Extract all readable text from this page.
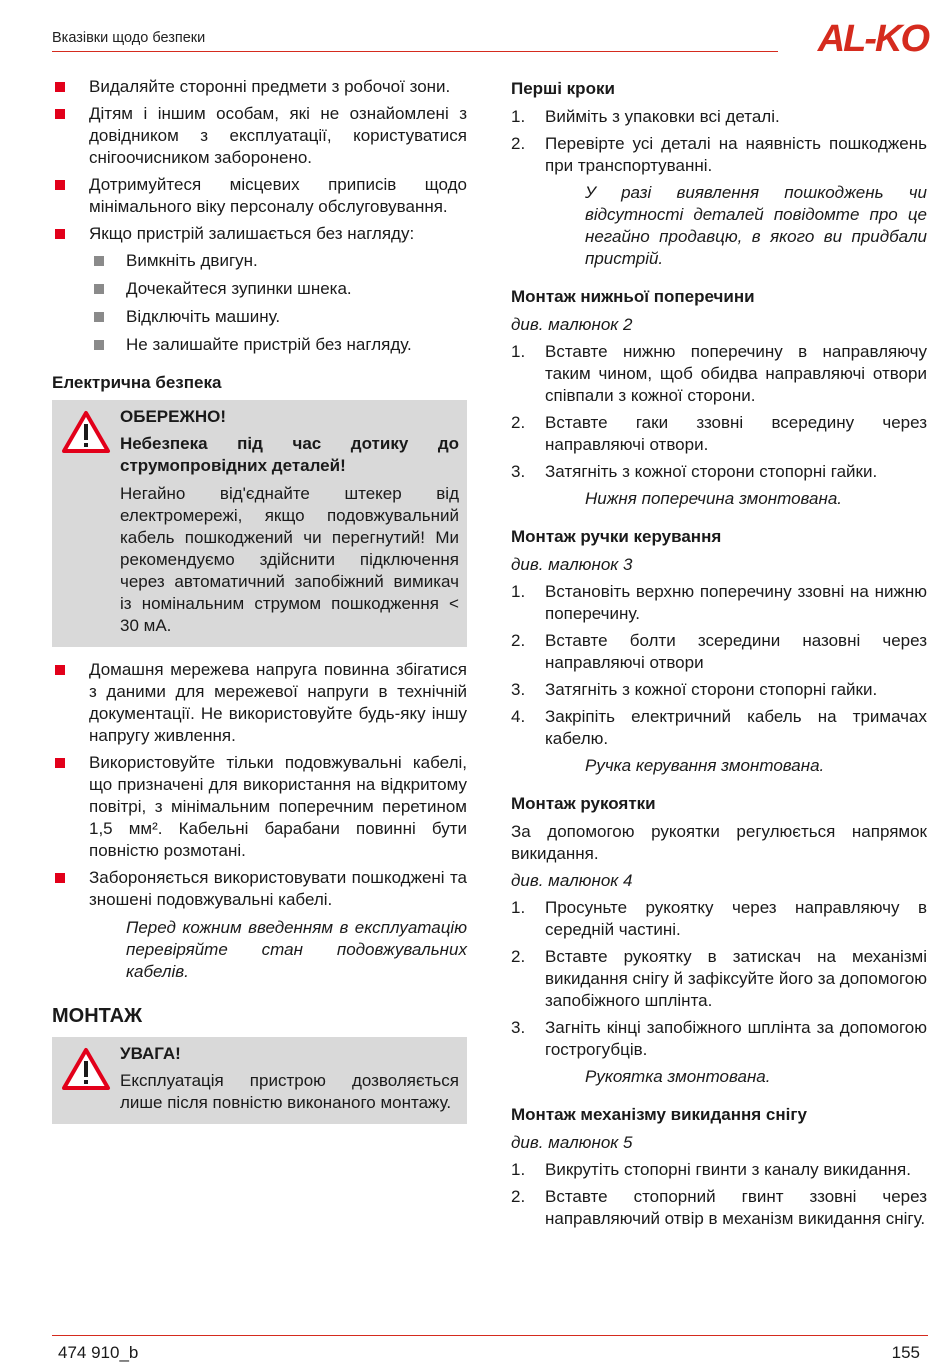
Вказівки щодо безпеки	AL-KO
Видаляйте сторонні предмети з робочої зони.
Дітям і іншим особам, які не ознайомлені з довідником з експлуатації, користуватися снігоочисником заборонено.
Дотримуйтеся місцевих приписів щодо мінімального віку персоналу обслуговування.
Якщо пристрій залишається без нагляду:
Вимкніть двигун.
Дочекайтеся зупинки шнека.
Відключіть машину.
Не залишайте пристрій без нагляду.
Електрична безпека
ОБЕРЕЖНО!
Небезпека під час дотику до струмопровідних деталей!
Негайно від'єднайте штекер від електромережі, якщо подовжувальний кабель пошкоджений чи перегнутий! Ми рекомендуємо здійснити підключення через автоматичний запобіжний вимикач із номінальним струмом пошкодження < 30 мА.
Домашня мережева напруга повинна збігатися з даними для мережевої напруги в технічній документації. Не використовуйте будь-яку іншу напругу живлення.
Використовуйте тільки подовжувальні кабелі, що призначені для використання на відкритому повітрі, з мінімальним поперечним перетином 1,5 мм². Кабельні барабани повинні бути повністю розмотані.
Забороняється використовувати пошкоджені та зношені подовжувальні кабелі.
Перед кожним введенням в експлуатацію перевіряйте стан подовжувальних кабелів.
МОНТАЖ
УВАГА!
Експлуатація пристрою дозволяється лише після повністю виконаного монтажу.
Перші кроки
1. Вийміть з упаковки всі деталі.
2. Перевірте усі деталі на наявність пошкоджень при транспортуванні.
У разі виявлення пошкоджень чи відсутності деталей повідомте про це негайно продавцю, в якого ви придбали пристрій.
Монтаж нижньої поперечини
див. малюнок 2
1. Вставте нижню поперечину в направляючу таким чином, щоб обидва направляючі отвори співпали з кожної сторони.
2. Вставте гаки ззовні всередину через направляючі отвори.
3. Затягніть з кожної сторони стопорні гайки.
Нижня поперечина змонтована.
Монтаж ручки керування
див. малюнок 3
1. Встановіть верхню поперечину ззовні на нижню поперечину.
2. Вставте болти зсередини назовні через направляючі отвори
3. Затягніть з кожної сторони стопорні гайки.
4. Закріпіть електричний кабель на тримачах кабелю.
Ручка керування змонтована.
Монтаж рукоятки
За допомогою рукоятки регулюється напрямок викидання.
див. малюнок 4
1. Просуньте рукоятку через направляючу в середній частині.
2. Вставте рукоятку в затискач на механізмі викидання снігу й зафіксуйте його за допомогою запобіжного шплінта.
3. Загніть кінці запобіжного шплінта за допомогою гострогубців.
Рукоятка змонтована.
Монтаж механізму викидання снігу
див. малюнок 5
1. Викрутіть стопорні гвинти з каналу викидання.
2. Вставте стопорний гвинт ззовні через направляючий отвір в механізм викидання снігу.
474 910_b	155
